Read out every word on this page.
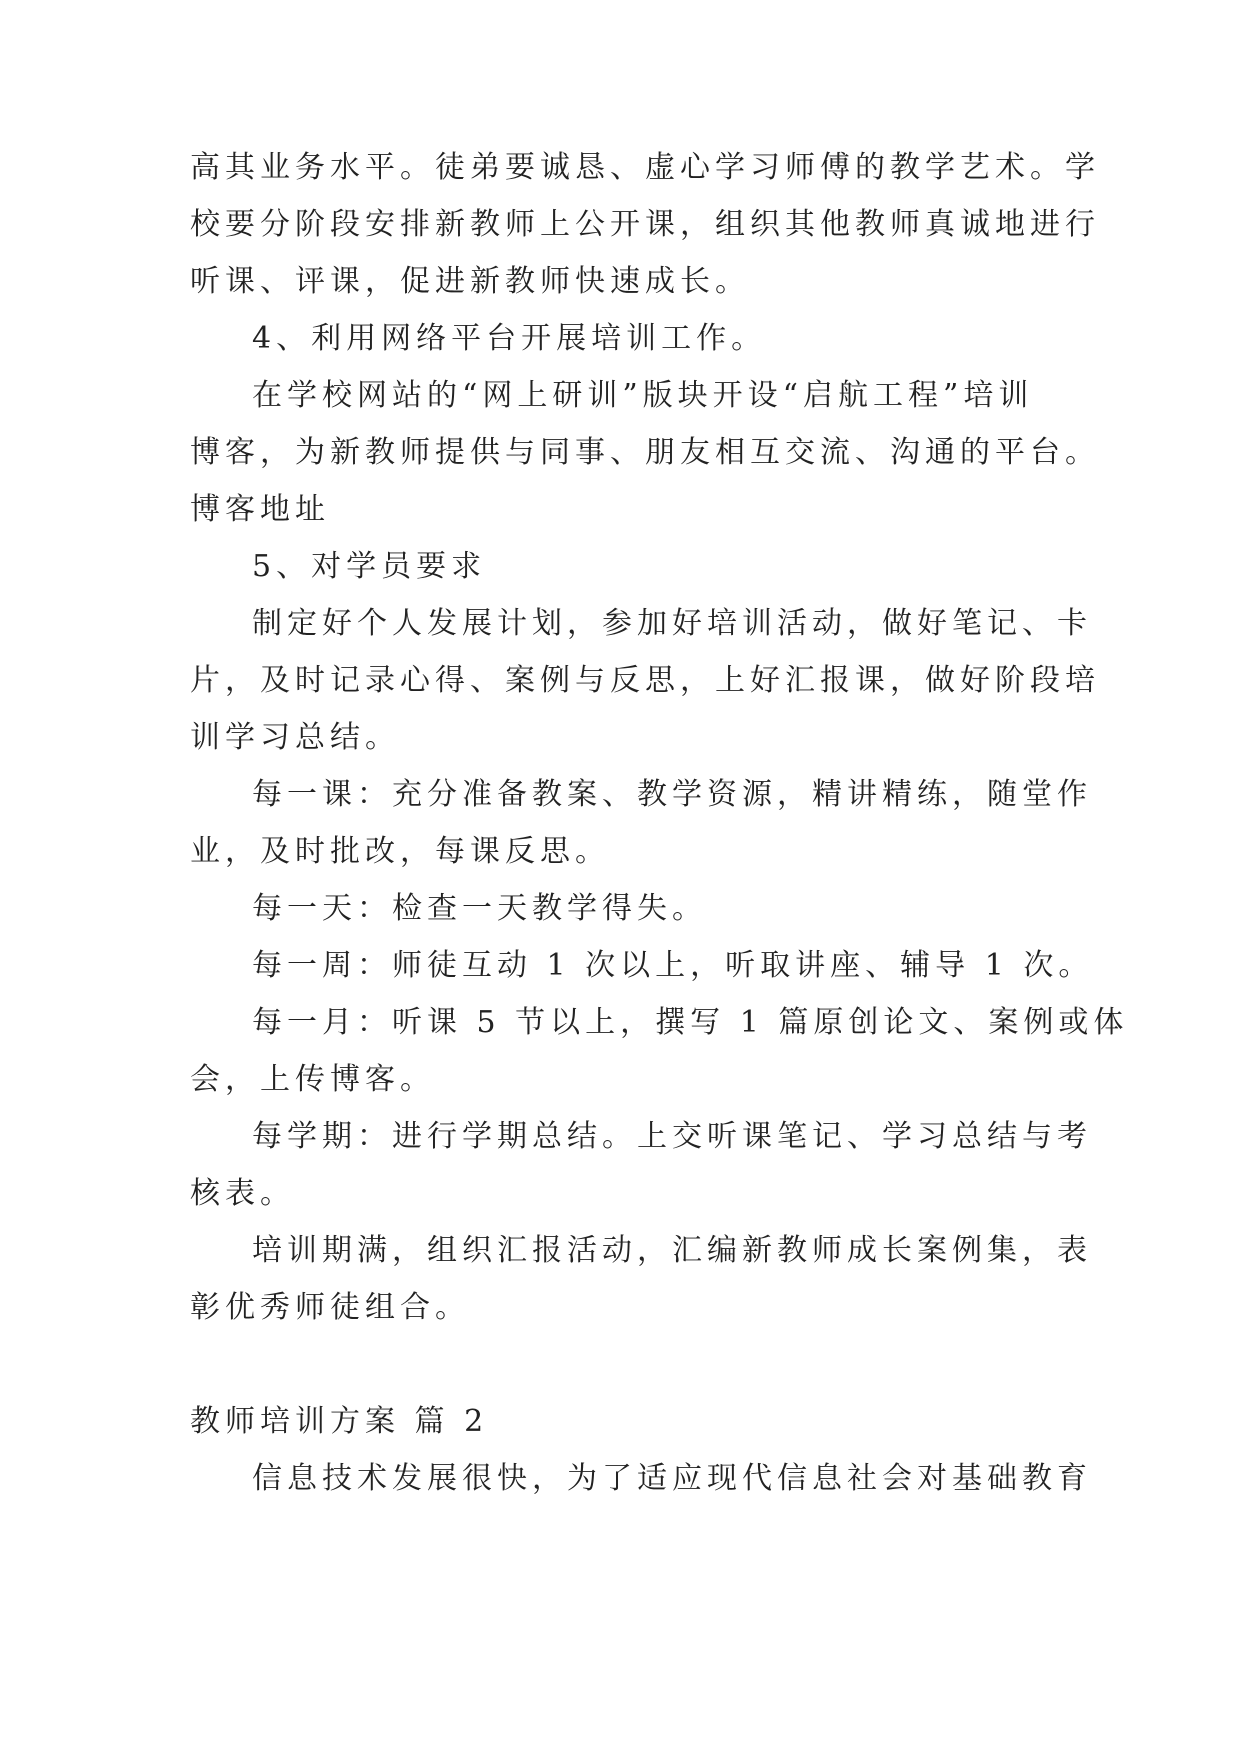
高其业务水平。徒弟要诚恳、虚心学习师傅的教学艺术。学
校要分阶段安排新教师上公开课，组织其他教师真诚地进行
听课、评课，促进新教师快速成长。
4、利用网络平台开展培训工作。
在学校网站的“网上研训”版块开设“启航工程”培训
博客，为新教师提供与同事、朋友相互交流、沟通的平台。
博客地址
5、对学员要求
制定好个人发展计划，参加好培训活动，做好笔记、卡
片，及时记录心得、案例与反思，上好汇报课，做好阶段培
训学习总结。
每一课：充分准备教案、教学资源，精讲精练，随堂作
业，及时批改，每课反思。
每一天：检查一天教学得失。
每一周：师徒互动 1 次以上，听取讲座、辅导 1 次。
每一月：听课 5 节以上，撰写 1 篇原创论文、案例或体
会，上传博客。
每学期：进行学期总结。上交听课笔记、学习总结与考
核表。
培训期满，组织汇报活动，汇编新教师成长案例集，表
彰优秀师徒组合。
教师培训方案 篇 2
信息技术发展很快，为了适应现代信息社会对基础教育
